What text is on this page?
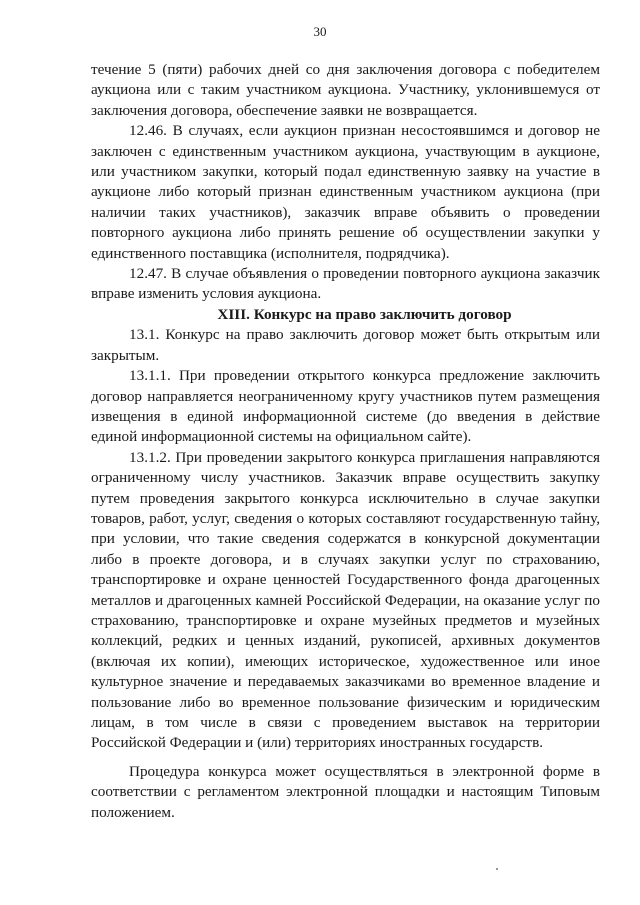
30

течение 5 (пяти) рабочих дней со дня заключения договора с победителем аукциона или с таким участником аукциона. Участнику, уклонившемуся от заключения договора, обеспечение заявки не возвращается.

12.46. В случаях, если аукцион признан несостоявшимся и договор не заключен с единственным участником аукциона, участвующим в аукционе, или участником закупки, который подал единственную заявку на участие в аукционе либо который признан единственным участником аукциона (при наличии таких участников), заказчик вправе объявить о проведении повторного аукциона либо принять решение об осуществлении закупки у единственного поставщика (исполнителя, подрядчика).

12.47. В случае объявления о проведении повторного аукциона заказчик вправе изменить условия аукциона.

XIII. Конкурс на право заключить договор

13.1. Конкурс на право заключить договор может быть открытым или закрытым.

13.1.1. При проведении открытого конкурса предложение заключить договор направляется неограниченному кругу участников путем размещения извещения в единой информационной системе (до введения в действие единой информационной системы на официальном сайте).

13.1.2. При проведении закрытого конкурса приглашения направляются ограниченному числу участников. Заказчик вправе осуществить закупку путем проведения закрытого конкурса исключительно в случае закупки товаров, работ, услуг, сведения о которых составляют государственную тайну, при условии, что такие сведения содержатся в конкурсной документации либо в проекте договора, и в случаях закупки услуг по страхованию, транспортировке и охране ценностей Государственного фонда драгоценных металлов и драгоценных камней Российской Федерации, на оказание услуг по страхованию, транспортировке и охране музейных предметов и музейных коллекций, редких и ценных изданий, рукописей, архивных документов (включая их копии), имеющих историческое, художественное или иное культурное значение и передаваемых заказчиками во временное владение и пользование либо во временное пользование физическим и юридическим лицам, в том числе в связи с проведением выставок на территории Российской Федерации и (или) территориях иностранных государств.

Процедура конкурса может осуществляться в электронной форме в соответствии с регламентом электронной площадки и настоящим Типовым положением.
